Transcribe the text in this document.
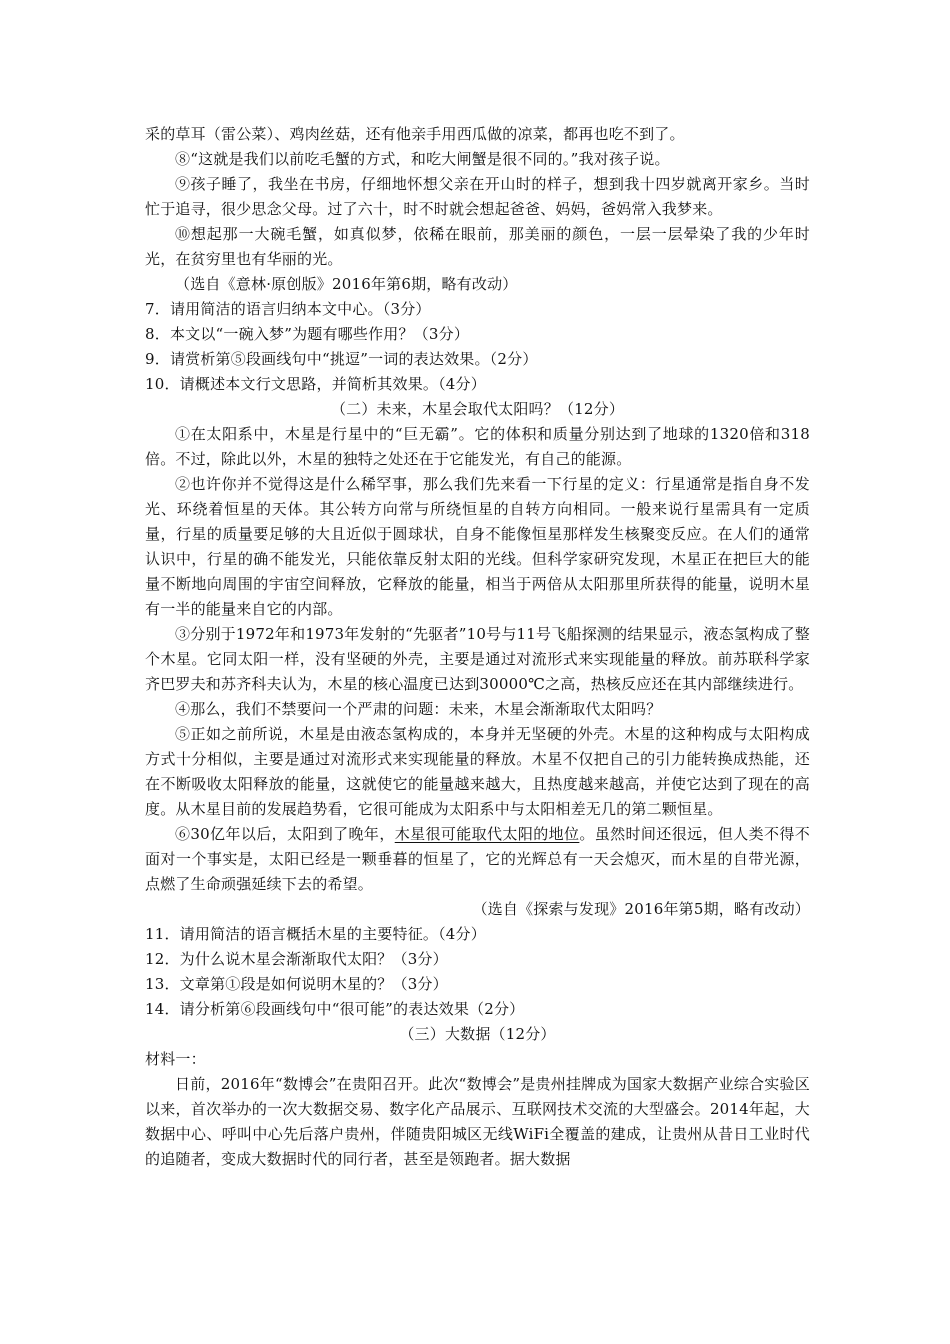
采的草耳（雷公菜）、鸡肉丝菇，还有他亲手用西瓜做的凉菜，都再也吃不到了。

⑧“这就是我们以前吃毛蟹的方式，和吃大闸蟹是很不同的。”我对孩子说。

⑨孩子睡了，我坐在书房，仔细地怀想父亲在开山时的样子，想到我十四岁就离开家乡。当时忙于追寻，很少思念父母。过了六十，时不时就会想起爸爸、妈妈，爸妈常入我梦来。

⑩想起那一大碗毛蟹，如真似梦，依稀在眼前，那美丽的颜色，一层一层晕染了我的少年时光，在贫穷里也有华丽的光。

（选自《意林·原创版》2016年第6期，略有改动）

7．请用简洁的语言归纳本文中心。（3分）

8．本文以“一碗入梦”为题有哪些作用？（3分）

9．请赏析第⑤段画线句中“挑逗”一词的表达效果。（2分）

10．请概述本文行文思路，并简析其效果。（4分）

（二）未来，木星会取代太阳吗？（12分）

①在太阳系中，木星是行星中的“巨无霸”。它的体积和质量分别达到了地球的1320倍和318倍。不过，除此以外，木星的独特之处还在于它能发光，有自己的能源。

②也许你并不觉得这是什么稀罕事，那么我们先来看一下行星的定义：行星通常是指自身不发光、环绕着恒星的天体。其公转方向常与所绕恒星的自转方向相同。一般来说行星需具有一定质量，行星的质量要足够的大且近似于圆球状，自身不能像恒星那样发生核聚变反应。在人们的通常认识中，行星的确不能发光，只能依靠反射太阳的光线。但科学家研究发现，木星正在把巨大的能量不断地向周围的宇宙空间释放，它释放的能量，相当于两倍从太阳那里所获得的能量，说明木星有一半的能量来自它的内部。

③分别于1972年和1973年发射的“先驱者”10号与11号飞船探测的结果显示，液态氢构成了整个木星。它同太阳一样，没有坚硬的外壳，主要是通过对流形式来实现能量的释放。前苏联科学家齐巴罗夫和苏齐科夫认为，木星的核心温度已达到30000℃之高，热核反应还在其内部继续进行。

④那么，我们不禁要问一个严肃的问题：未来，木星会渐渐取代太阳吗？

⑤正如之前所说，木星是由液态氢构成的，本身并无坚硬的外壳。木星的这种构成与太阳构成方式十分相似，主要是通过对流形式来实现能量的释放。木星不仅把自己的引力能转换成热能，还在不断吸收太阳释放的能量，这就使它的能量越来越大，且热度越来越高，并使它达到了现在的高度。从木星目前的发展趋势看，它很可能成为太阳系中与太阳相差无几的第二颗恒星。

⑥30亿年以后，太阳到了晚年，木星很可能取代太阳的地位。虽然时间还很远，但人类不得不面对一个事实是，太阳已经是一颗垂暮的恒星了，它的光辉总有一天会熄灭，而木星的自带光源，点燃了生命顽强延续下去的希望。

（选自《探索与发现》2016年第5期，略有改动）

11．请用简洁的语言概括木星的主要特征。（4分）

12．为什么说木星会渐渐取代太阳？（3分）

13．文章第①段是如何说明木星的？（3分）

14．请分析第⑥段画线句中“很可能”的表达效果（2分）

（三）大数据（12分）

材料一：

日前，2016年“数博会”在贵阳召开。此次“数博会”是贵州挂牌成为国家大数据产业综合实验区以来，首次举办的一次大数据交易、数字化产品展示、互联网技术交流的大型盛会。2014年起，大数据中心、呼叫中心先后落户贵州，伴随贵阳城区无线WiFi全覆盖的建成，让贵州从昔日工业时代的追随者，变成大数据时代的同行者，甚至是领跑者。据大数据
